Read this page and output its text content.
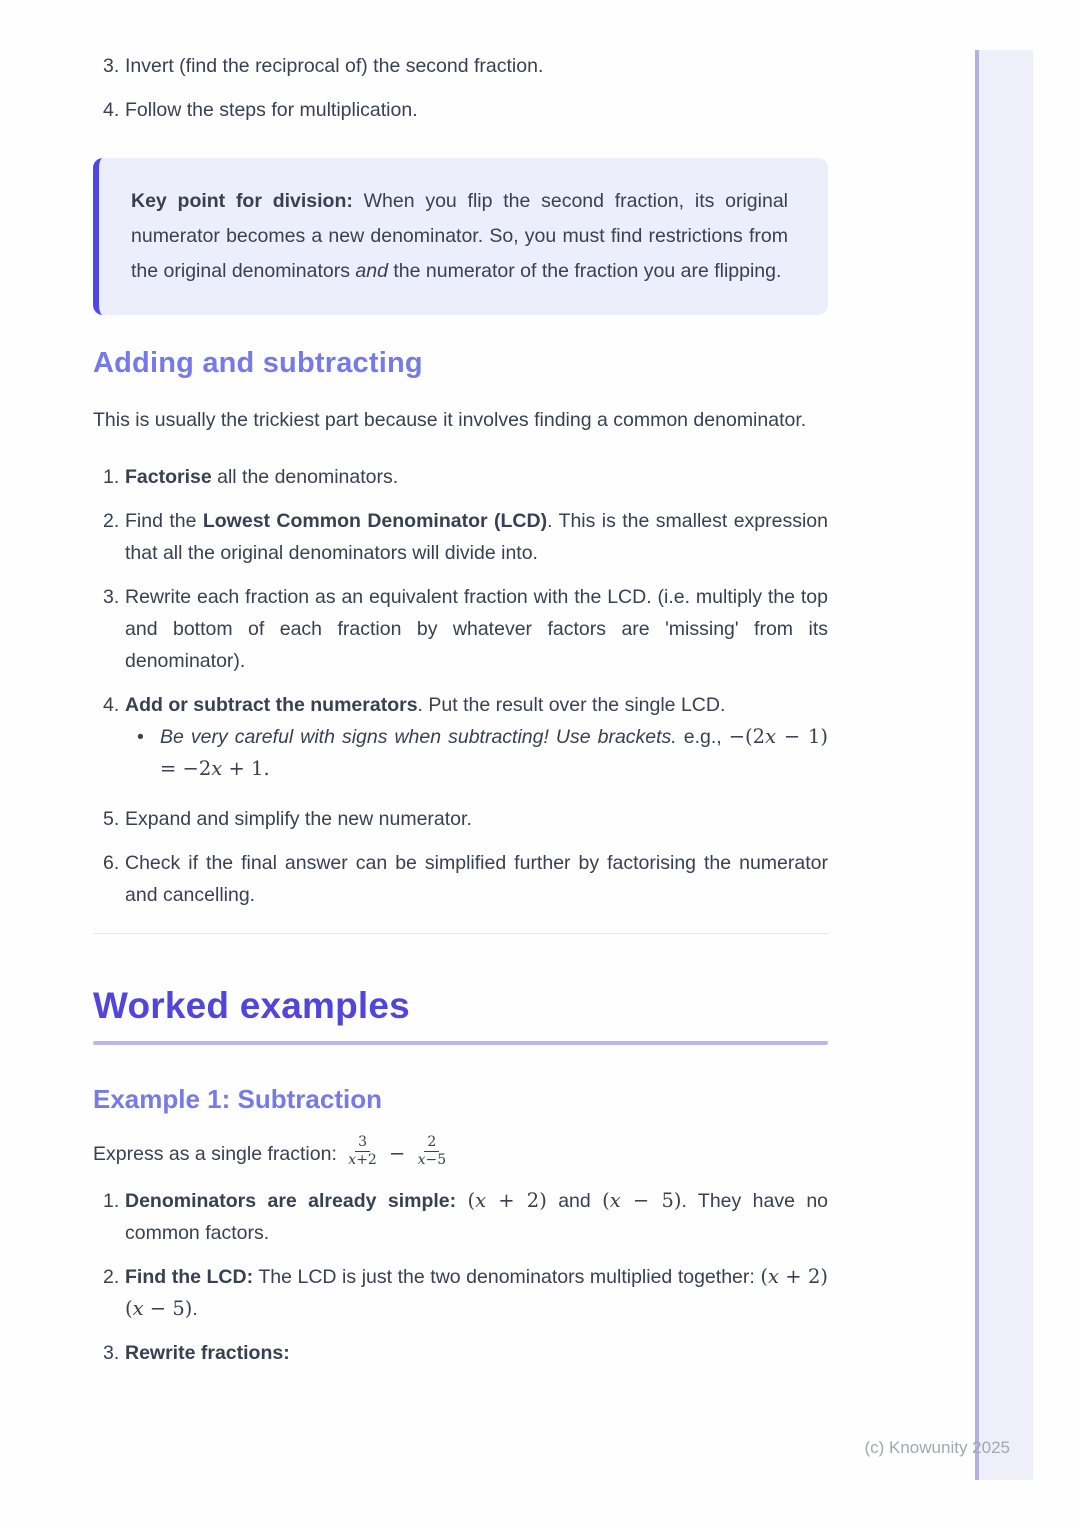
3. Invert (find the reciprocal of) the second fraction.
4. Follow the steps for multiplication.

Key point for division: When you flip the second fraction, its original numerator becomes a new denominator. So, you must find restrictions from the original denominators and the numerator of the fraction you are flipping.

Adding and subtracting

This is usually the trickiest part because it involves finding a common denominator.

1. Factorise all the denominators.
2. Find the Lowest Common Denominator (LCD). This is the smallest expression that all the original denominators will divide into.
3. Rewrite each fraction as an equivalent fraction with the LCD. (i.e. multiply the top and bottom of each fraction by whatever factors are 'missing' from its denominator).
4. Add or subtract the numerators. Put the result over the single LCD.
• Be very careful with signs when subtracting! Use brackets. e.g., −(2x − 1) = −2x + 1.
5. Expand and simplify the new numerator.
6. Check if the final answer can be simplified further by factorising the numerator and cancelling.
Worked examples
Example 1: Subtraction

Express as a single fraction: $\frac{3}{x+2} - \frac{2}{x-5}$

1. Denominators are already simple: (x + 2) and (x − 5). They have no common factors.
2. Find the LCD: The LCD is just the two denominators multiplied together: (x + 2)(x − 5).
3. Rewrite fractions:
(c) Knowunity 2025
